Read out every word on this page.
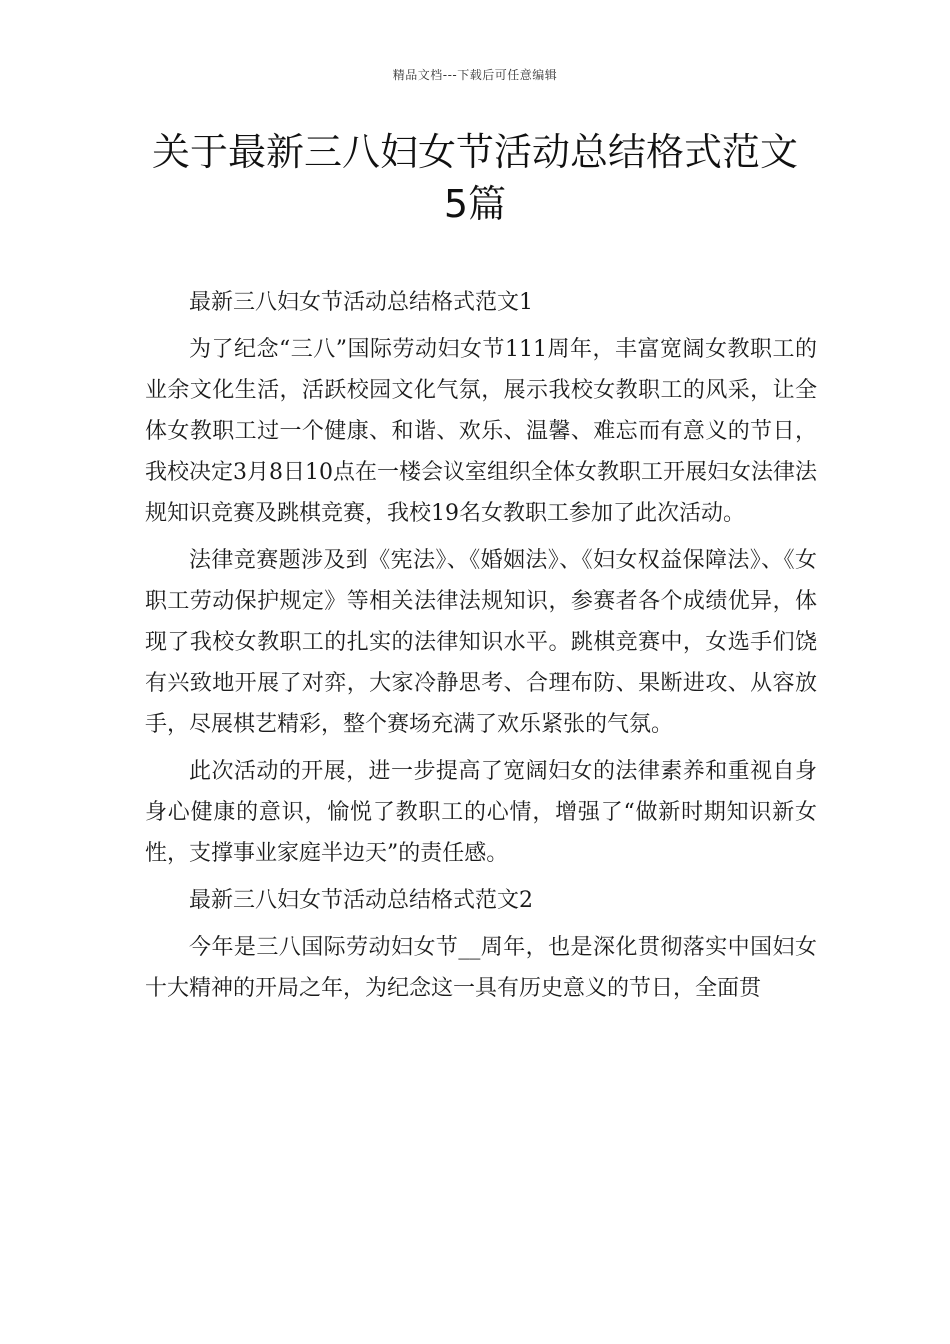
精品文档---下载后可任意编辑
关于最新三八妇女节活动总结格式范文
5篇

最新三八妇女节活动总结格式范文1

为了纪念“三八”国际劳动妇女节111周年，丰富宽阔女教职工的业余文化生活，活跃校园文化气氛，展示我校女教职工的风采，让全体女教职工过一个健康、和谐、欢乐、温馨、难忘而有意义的节日，我校决定3月8日10点在一楼会议室组织全体女教职工开展妇女法律法规知识竞赛及跳棋竞赛，我校19名女教职工参加了此次活动。

法律竞赛题涉及到《宪法》、《婚姻法》、《妇女权益保障法》、《女职工劳动保护规定》等相关法律法规知识，参赛者各个成绩优异，体现了我校女教职工的扎实的法律知识水平。跳棋竞赛中，女选手们饶有兴致地开展了对弈，大家冷静思考、合理布防、果断进攻、从容放手，尽展棋艺精彩，整个赛场充满了欢乐紧张的气氛。

此次活动的开展，进一步提高了宽阔妇女的法律素养和重视自身身心健康的意识，愉悦了教职工的心情，增强了“做新时期知识新女性，支撑事业家庭半边天”的责任感。

最新三八妇女节活动总结格式范文2

今年是三八国际劳动妇女节__周年，也是深化贯彻落实中国妇女十大精神的开局之年，为纪念这一具有历史意义的节日，全面贯
